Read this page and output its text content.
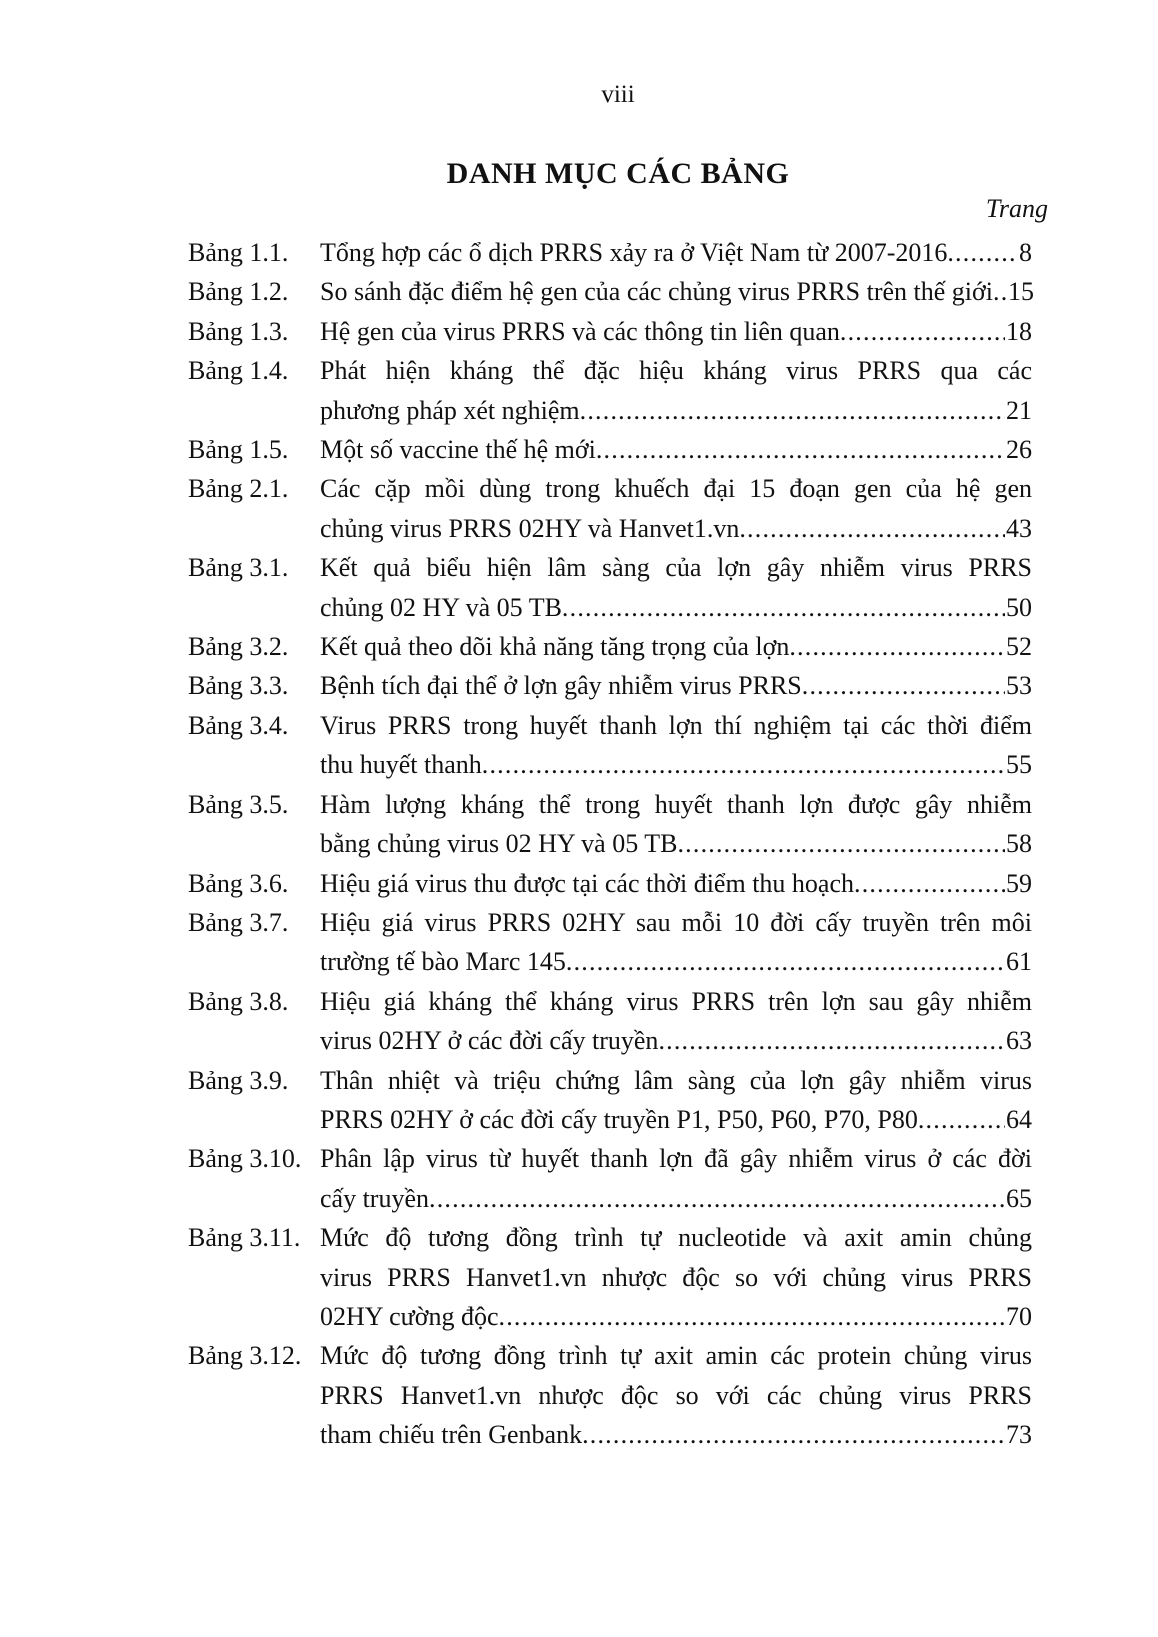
viii
DANH MỤC CÁC BẢNG
Trang
Bảng 1.1.	Tổng hợp các ổ dịch PRRS xảy ra ở Việt Nam từ 2007-2016 .....	8
Bảng 1.2.	So sánh đặc điểm hệ gen của các chủng virus PRRS trên thế giới ..... 15
Bảng 1.3.	Hệ gen của virus PRRS và các thông tin liên quan .....	18
Bảng 1.4.	Phát hiện kháng thể đặc hiệu kháng virus PRRS qua các
phương pháp xét nghiệm .....	21
Bảng 1.5.	Một số vaccine thế hệ mới .....	26
Bảng 2.1.	Các cặp mồi dùng trong khuếch đại 15 đoạn gen của hệ gen
chủng virus PRRS 02HY và Hanvet1.vn .....	43
Bảng 3.1.	Kết quả biểu hiện lâm sàng của lợn gây nhiễm virus PRRS
chủng 02 HY và 05 TB .....	50
Bảng 3.2.	Kết quả theo dõi khả năng tăng trọng của lợn .....	52
Bảng 3.3.	Bệnh tích đại thể ở lợn gây nhiễm virus PRRS .....	53
Bảng 3.4.	Virus PRRS trong huyết thanh lợn thí nghiệm tại các thời điểm
thu huyết thanh .....	55
Bảng 3.5.	Hàm lượng kháng thể trong huyết thanh lợn được gây nhiễm
bằng chủng virus 02 HY và 05 TB .....	58
Bảng 3.6.	Hiệu giá virus thu được tại các thời điểm thu hoạch .....	59
Bảng 3.7.	Hiệu giá virus PRRS 02HY sau mỗi 10 đời cấy truyền trên môi
trường tế bào Marc 145 .....	61
Bảng 3.8.	Hiệu giá kháng thể kháng virus PRRS trên lợn sau gây nhiễm
virus 02HY ở các đời cấy truyền .....	63
Bảng 3.9.	Thân nhiệt và triệu chứng lâm sàng của lợn gây nhiễm virus
PRRS 02HY ở các đời cấy truyền P1, P50, P60, P70, P80 .....	64
Bảng 3.10. Phân lập virus từ huyết thanh lợn đã gây nhiễm virus ở các đời
cấy truyền .....	65
Bảng 3.11. Mức độ tương đồng trình tự nucleotide và axit amin chủng
virus PRRS Hanvet1.vn nhược độc so với chủng virus PRRS
02HY cường độc .....	70
Bảng 3.12. Mức độ tương đồng trình tự axit amin các protein chủng virus
PRRS Hanvet1.vn nhược độc so với các chủng virus PRRS
tham chiếu trên Genbank .....	73
